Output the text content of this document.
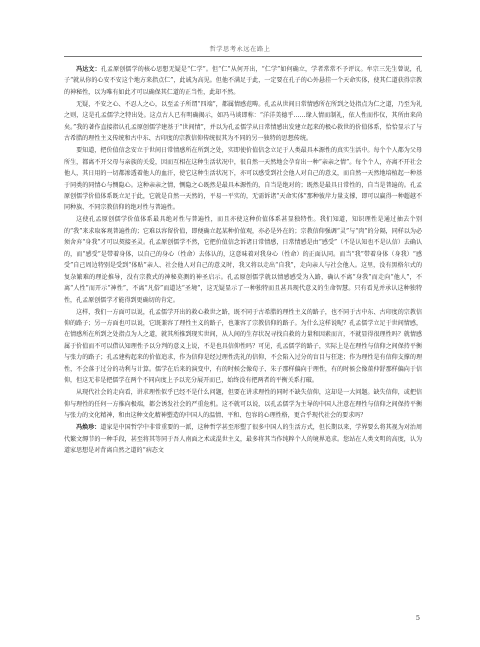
哲学思考永远在路上

冯达文：孔孟原创儒学的核心思想无疑是“仁学”。但“仁”从何开出，“仁学”如何确立，学者常常不予评议。牟宗三先生曾说，孔子“就从你的心安不安这个地方来指点仁”，此诚为高见。但他不满足于此，一定要在孔子的心外悬挂一个天命实体，使其仁道获得宗教的神秘性，以为唯有如此才可以确保其仁道的正当性，此却不然。

无疑，不安之心、不忍人之心，以至孟子所谓“四端”，都属情感范畴。孔孟从世间日常情感所在所到之处指点为仁之道，乃至为礼之则，这是孔孟儒学之特出处。这点古人已有明确揭示，如冯马谈即称：“洋洋美德乎……缘人情而制礼，依人性而作仪，其所由来尚矣。”我的著作直接指认孔孟原创儒学建基于“世间情”，并以为孔孟儒学从日常情感出发建立起来的极心救世的价值体系，恰恰显示了与古希腊的理性主义传统和古中东、古印度的宗教信仰传统很其为不同的另一独特的思想传统。

要知道，把价值信念安立于世间日常情感所在所到之处，实即使价值信念立足于人类最具本源性的真实生活中。每个个人都为父母所生，都离不开父母与亲族的关爱，因而互相在这种生活状况中，很自然一天然地会孕育出一种“亲亲之情”。每个个人，亦离不开社会他人，其日用的一切都渗透着他人的血汗，使它这种生活状况下，亦可以感受到社会他人对自己的意义，而自然一天然地培植起一种基于同类的同情心与恻隐心。这种亲亲之情，恻隐之心既然是最具本源性的，自当是绝对的；既然是最具日常性的，自当是普遍的。孔孟原创儒学价值体系既立足于此，它就是自然一天然的，平易一平实的，无需诉诸“天命实体”那种彼岸力量支撑，即可以赢得一种超越不同种族、不同宗教信仰的绝对性与普遍性。

这使孔孟原创儒学价值体系最具绝对性与普遍性，而且亦使这种价值体系甚显独特性。我们知道，知识理性是通过抽去个别的“我”来求取客观普遍性的；它难以容留价值，即便确立起某种价值观，亦必是外在的；宗教信仰强调“灵”与“肉”的分隔，同样以为必须舍弃“身我”才可以契接圣灵。孔孟原创儒学不然，它把价值信念诉诸日常情感，日常情感是由“感受”（不是认知也不是认信）去确认的，而“感受”是带着身体，以自己的身心（性命）去体认的，这意味着对我身心（性命）的正面认同。而当“我”带着身体（身我）“感受”自己周边特别是受到“体贴”亲人、社会他人对自己的意义时，我又将以走出“自我”，走向亲人与社会他人。这里，没有黑格尔式的复杂繁难的理论推导，没有宗教式的神秘莫测的神圣启示。孔孟原创儒学就以情感感受为入路，确认不离“身我”而走向“他人”，不离“人性”而开示“神性”，不离“凡俗”而道达“圣境”，这无疑显示了一种独特而且甚具现代意义的生命智慧。只有看见并承认这种独特性，孔孟原创儒学才能得到更确切的肯定。

这样，我们一方面可以说，孔孟儒学开出的救心救世之路，既不同于古希腊的理性主义的路子，也不同于古中东、古印度的宗教信仰的路子；另一方面也可以说，它既兼容了理性主义的路子，也兼容了宗教信仰的路子。为什么这样说呢？孔孟儒学立足于世间情感，在情感所在所到之处指点为人之道，就其所推到现实世间，从人间的生存状况寻找自救的力量和因素而言，不就显得很理性吗？就情感属于价值而不可以借认知理性予以分判的意义上说，不是也具信仰性吗？可见，孔孟儒学的路子，实际上是在理性与信仰之间保持平衡与张力的路子；孔孟建构起来的价值追求，作为信仰是经过理性洗礼的信仰，不会陷入过分的盲目与狂迷；作为理性是有信仰支撑的理性，不会落于过分的功利与计算。儒学在后来的演变中，有的时候会像荀子、朱子那样偏向于理性，有的时候会像董仲舒那样偏向于信仰，但这无非是把儒学在两个不同向度上予以充分展开而已，始终没有把两者的平衡关系打破。

从现代社会的走向看，讲求理性似乎已经不是什么问题，但要在讲求理性的同时不缺失信仰，这却是一大问题。缺失信仰，或把信仰与理性的任何一方推向极端，都会诱发社会的严重危机。这不就可以说，以孔孟儒学为主导的中国人注意在理性与信仰之间保持平衡与张力的文化精神，和由这种文化精神塑造的中国人的温情、平和、包容的心理性格，更合乎现代社会的要求吗？

冯焕珍：道家是中国哲学中非常重要的一派，这种哲学甚至形塑了很多中国人的生活方式，但长期以来，学界要么将其视为对治周代繁文缛节的一种手段，甚至将其等同于吾人南面之术或混世主义，最多将其当作纯粹个人的境界追求。您站在人类文明的高度，认为道家思想是对背离自然之道的“病态文

5
